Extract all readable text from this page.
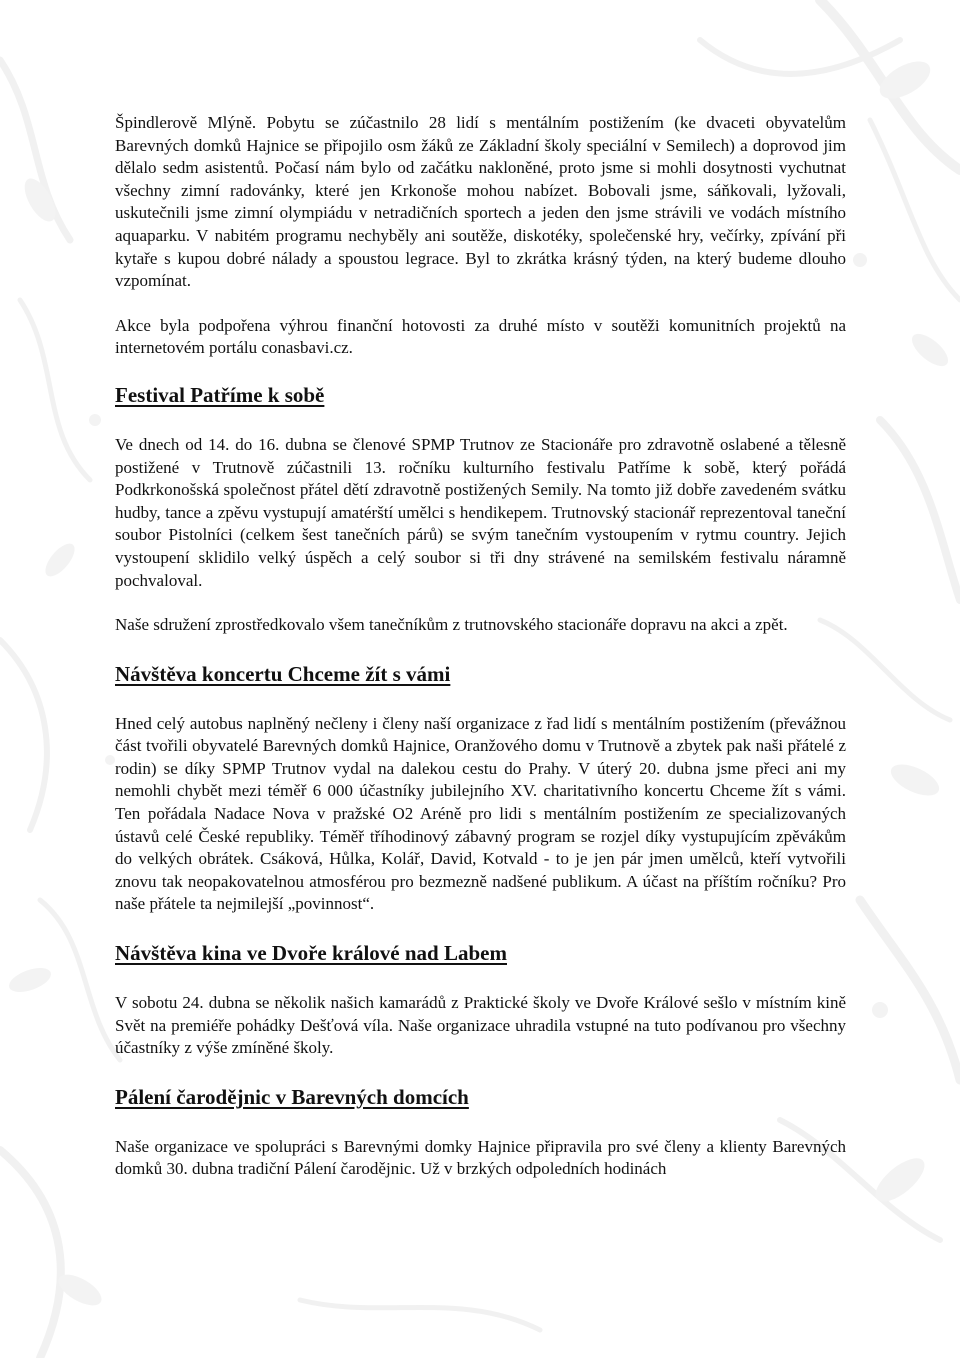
Špindlerově Mlýně. Pobytu se zúčastnilo 28 lidí s mentálním postižením (ke dvaceti obyvatelům Barevných domků Hajnice se připojilo osm žáků ze Základní školy speciální v Semilech) a doprovod jim dělalo sedm asistentů. Počasí nám bylo od začátku nakloněné, proto jsme si mohli dosytnosti vychutnat všechny zimní radovánky, které jen Krkonoše mohou nabízet. Bobovali jsme, sáňkovali, lyžovali, uskutečnili jsme zimní olympiádu v netradičních sportech a jeden den jsme strávili ve vodách místního aquaparku. V nabitém programu nechyběly ani soutěže, diskotéky, společenské hry, večírky, zpívání při kytaře s kupou dobré nálady a spoustou legrace. Byl to zkrátka krásný týden, na který budeme dlouho vzpomínat.

Akce byla podpořena výhrou finanční hotovosti za druhé místo v soutěži komunitních projektů na internetovém portálu conasbavi.cz.

Festival Patříme k sobě

Ve dnech od 14. do 16. dubna se členové SPMP Trutnov ze Stacionáře pro zdravotně oslabené a tělesně postižené v Trutnově zúčastnili 13. ročníku kulturního festivalu Patříme k sobě, který pořádá Podkrkonošská společnost přátel dětí zdravotně postižených Semily. Na tomto již dobře zavedeném svátku hudby, tance a zpěvu vystupují amatérští umělci s hendikepem. Trutnovský stacionář reprezentoval taneční soubor Pistolníci (celkem šest tanečních párů) se svým tanečním vystoupením v rytmu country. Jejich vystoupení sklidilo velký úspěch a celý soubor si tři dny strávené na semilském festivalu náramně pochvaloval.

Naše sdružení zprostředkovalo všem tanečníkům z trutnovského stacionáře dopravu na akci a zpět.

Návštěva koncertu Chceme žít s vámi

Hned celý autobus naplněný nečleny i členy naší organizace z řad lidí s mentálním postižením (převážnou část tvořili obyvatelé Barevných domků Hajnice, Oranžového domu v Trutnově a zbytek pak naši přátelé z rodin) se díky SPMP Trutnov vydal na dalekou cestu do Prahy. V úterý 20. dubna jsme přeci ani my nemohli chybět mezi téměř 6 000 účastníky jubilejního XV. charitativního koncertu Chceme žít s vámi. Ten pořádala Nadace Nova v pražské O2 Aréně pro lidi s mentálním postižením ze specializovaných ústavů celé České republiky. Téměř tříhodinový zábavný program se rozjel díky vystupujícím zpěvákům do velkých obrátek. Csáková, Hůlka, Kolář, David, Kotvald - to je jen pár jmen umělců, kteří vytvořili znovu tak neopakovatelnou atmosférou pro bezmezně nadšené publikum. A účast na příštím ročníku? Pro naše přátele ta nejmilejší „povinnost“.

Návštěva kina ve Dvoře králové nad Labem

V sobotu 24. dubna se několik našich kamarádů z Praktické školy ve Dvoře Králové sešlo v místním kině Svět na premiéře pohádky Dešťová víla. Naše organizace uhradila vstupné na tuto podívanou pro všechny účastníky z výše zmíněné školy.

Pálení čarodějnic v Barevných domcích

Naše organizace ve spolupráci s Barevnými domky Hajnice připravila pro své členy a klienty Barevných domků 30. dubna tradiční Pálení čarodějnic. Už v brzkých odpoledních hodinách
